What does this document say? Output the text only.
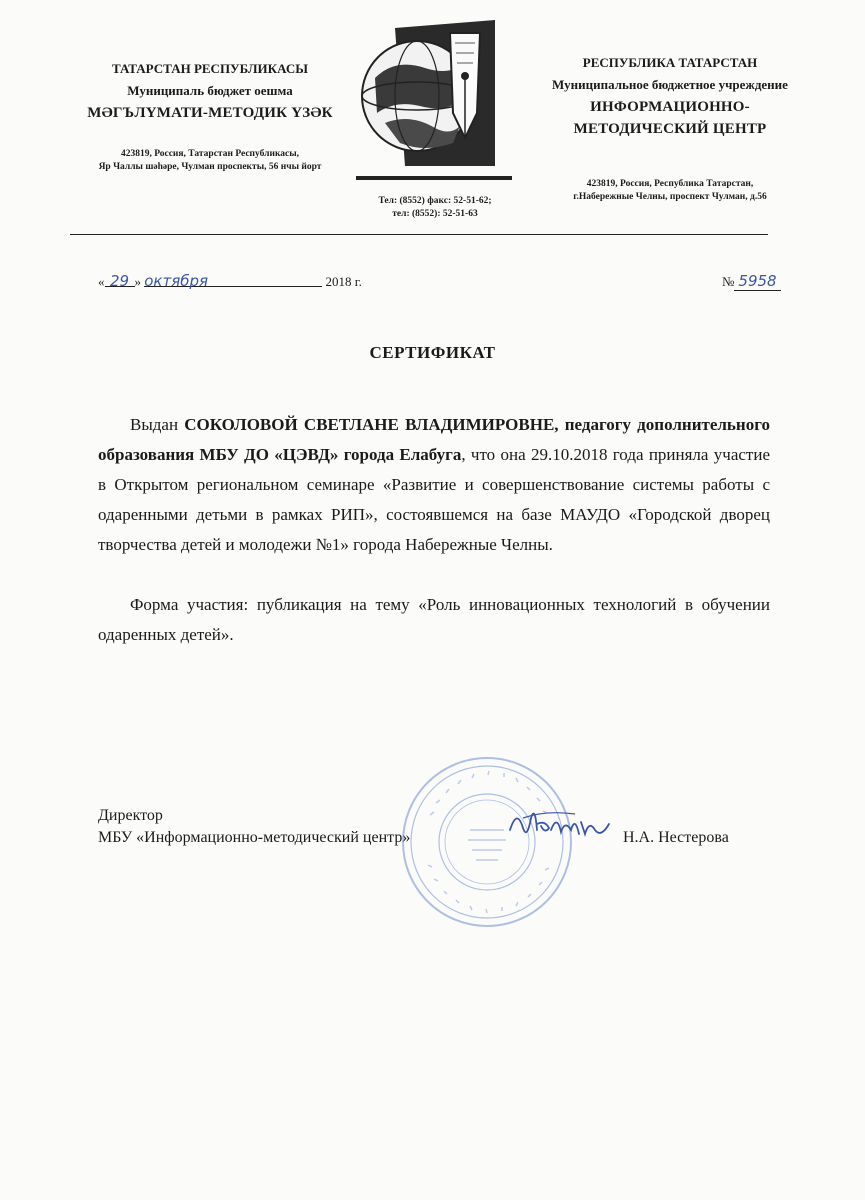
ТАТАРСТАН РЕСПУБЛИКАСЫ
Муниципаль бюджет оешма
МӘГЪЛҮМАТИ-МЕТОДИК ҮЗӘК
423819, Россия, Татарстан Республикасы,
Яр Чаллы шәһәре, Чулман проспекты, 56 нчы йорт
РЕСПУБЛИКА ТАТАРСТАН
Муниципальное бюджетное учреждение
ИНФОРМАЦИОННО-
МЕТОДИЧЕСКИЙ ЦЕНТР
423819, Россия, Республика Татарстан,
г.Набережные Челны, проспект Чулман, д.56
Тел: (8552) факс: 52-51-62;
тел: (8552): 52-51-63
« 29 » октября	2018 г.	№ 5958
СЕРТИФИКАТ

Выдан СОКОЛОВОЙ СВЕТЛАНЕ ВЛАДИМИРОВНЕ, педагогу дополнительного образования МБУ ДО «ЦЭВД» города Елабуга, что она 29.10.2018 года приняла участие в Открытом региональном семинаре «Развитие и совершенствование системы работы с одаренными детьми в рамках РИП», состоявшемся на базе МАУДО «Городской дворец творчества детей и молодежи №1» города Набережные Челны.

Форма участия: публикация на тему «Роль инновационных технологий в обучении одаренных детей».

Директор
МБУ «Информационно-методический центр»	Н.А. Нестерова
